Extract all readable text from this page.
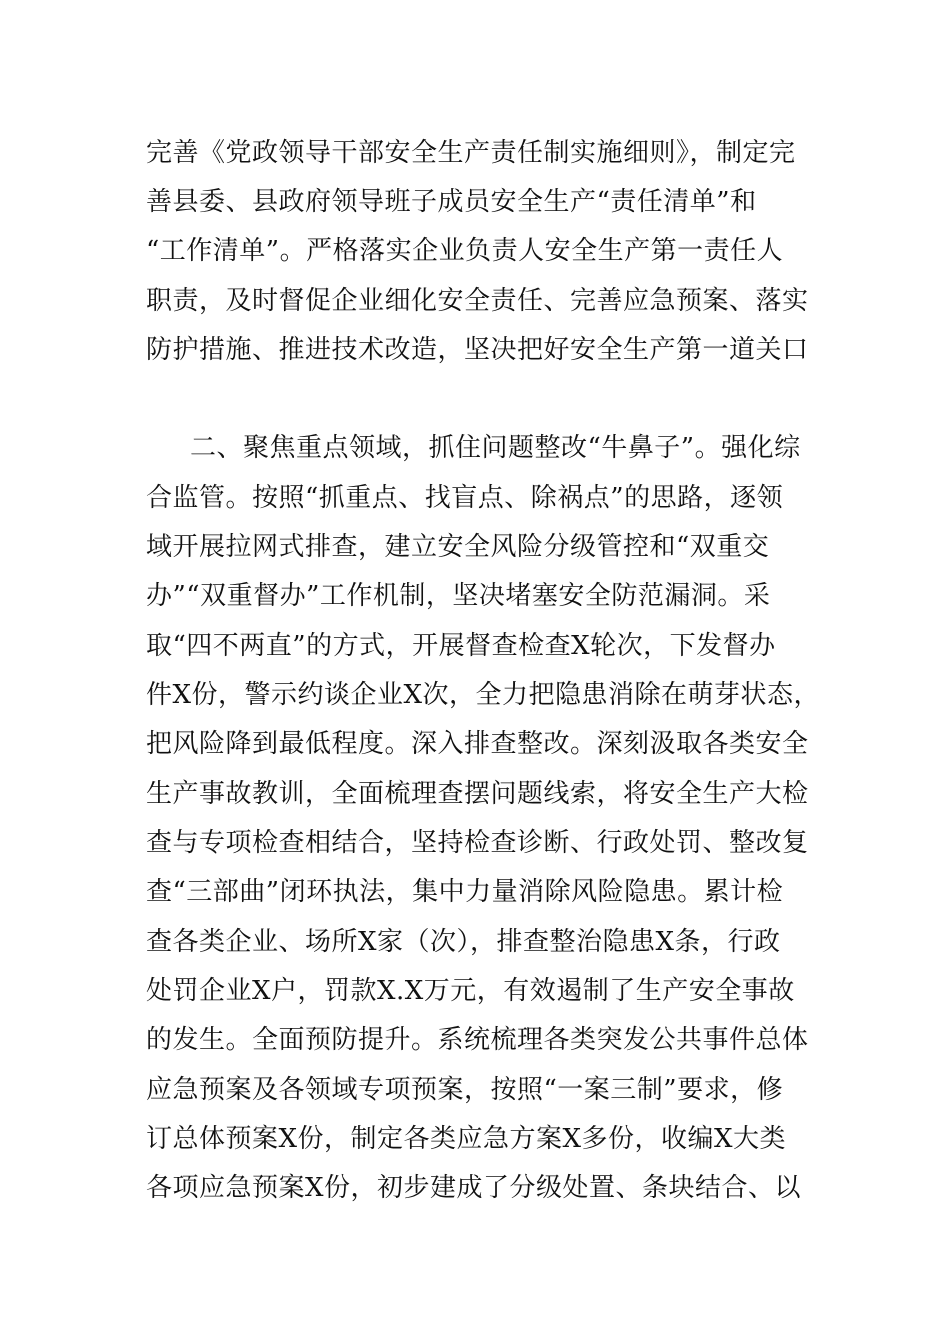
完善《党政领导干部安全生产责任制实施细则》，制定完
善县委、县政府领导班子成员安全生产“责任清单”和
“工作清单”。严格落实企业负责人安全生产第一责任人
职责，及时督促企业细化安全责任、完善应急预案、落实
防护措施、推进技术改造，坚决把好安全生产第一道关口
二、聚焦重点领域，抓住问题整改“牛鼻子”。强化综
合监管。按照“抓重点、找盲点、除祸点”的思路，逐领
域开展拉网式排查，建立安全风险分级管控和“双重交
办”“双重督办”工作机制，坚决堵塞安全防范漏洞。采
取“四不两直”的方式，开展督查检查X轮次，下发督办
件X份，警示约谈企业X次，全力把隐患消除在萌芽状态，
把风险降到最低程度。深入排查整改。深刻汲取各类安全
生产事故教训，全面梳理查摆问题线索，将安全生产大检
查与专项检查相结合，坚持检查诊断、行政处罚、整改复
查“三部曲”闭环执法，集中力量消除风险隐患。累计检
查各类企业、场所X家（次），排查整治隐患X条，行政
处罚企业X户，罚款X.X万元，有效遏制了生产安全事故
的发生。全面预防提升。系统梳理各类突发公共事件总体
应急预案及各领域专项预案，按照“一案三制”要求，修
订总体预案X份，制定各类应急方案X多份，收编X大类
各项应急预案X份，初步建成了分级处置、条块结合、以
